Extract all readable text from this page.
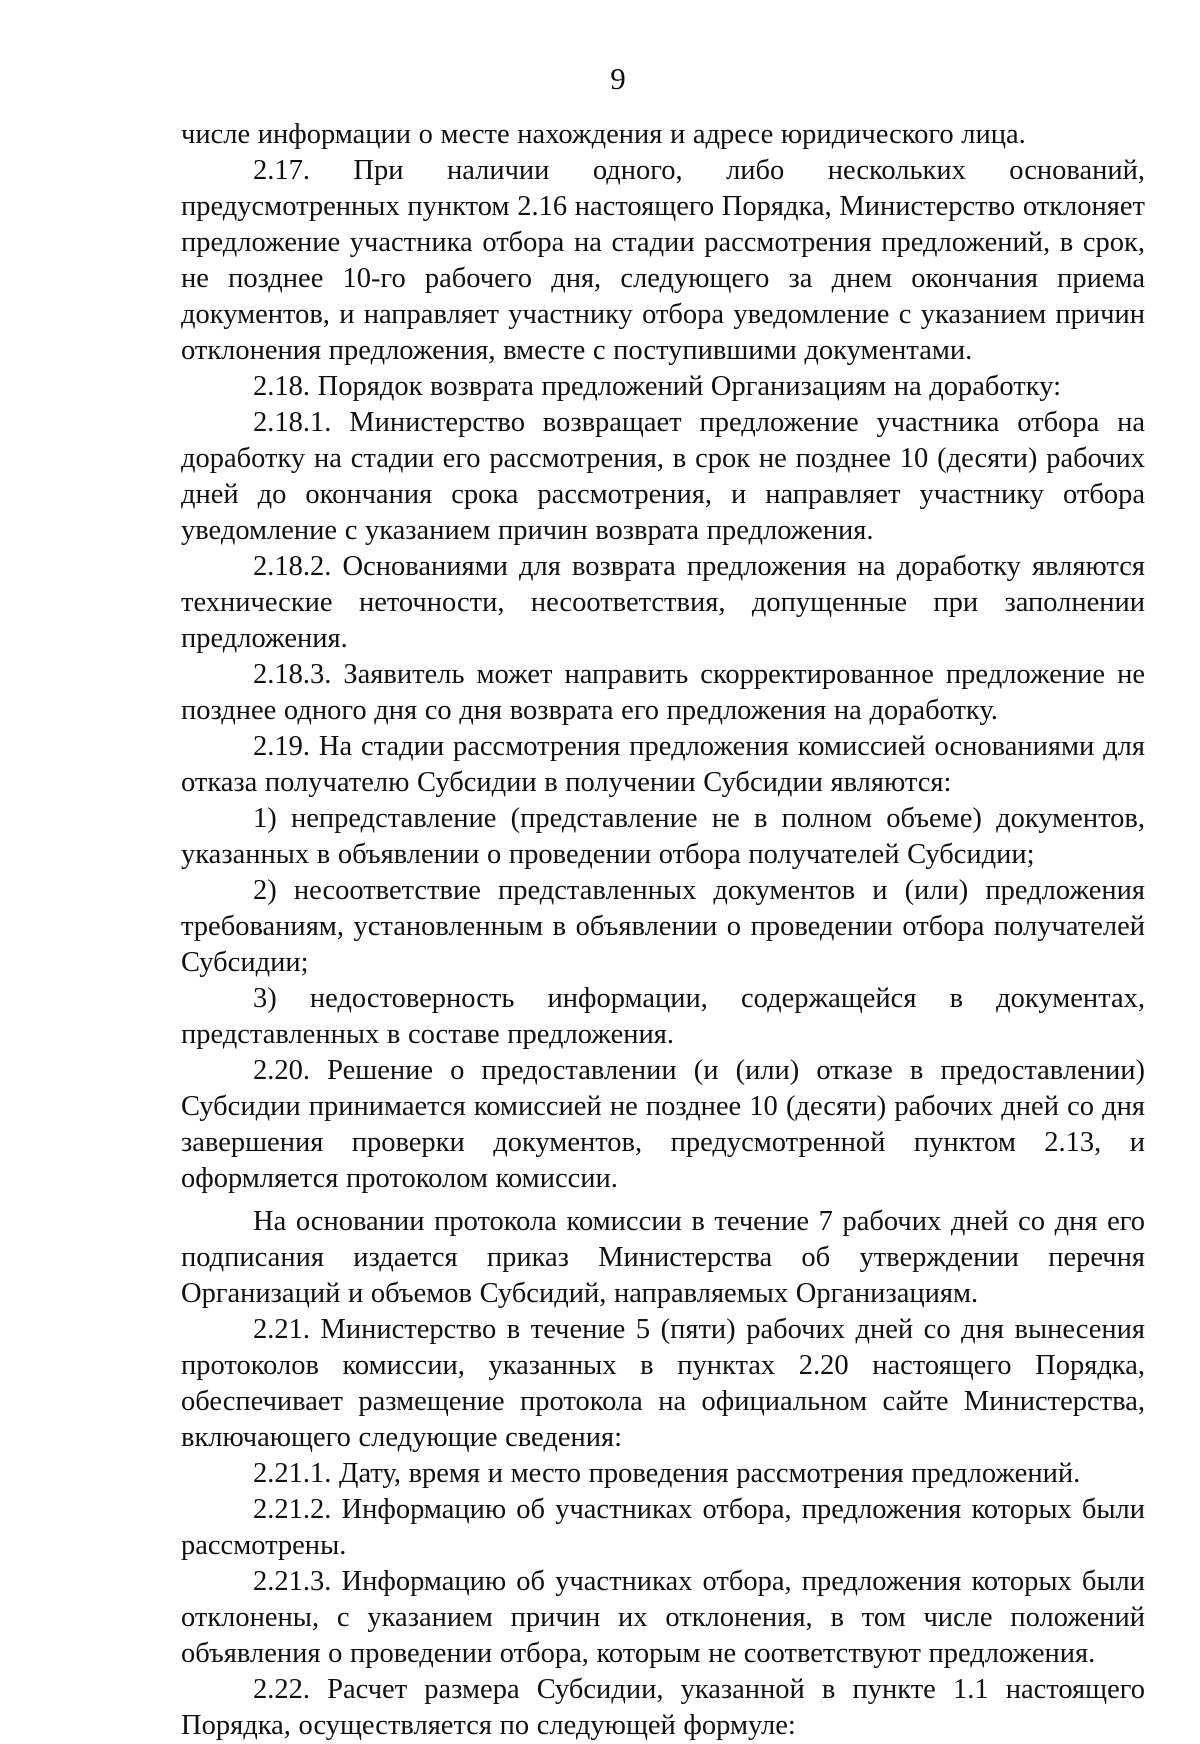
9

числе информации о месте нахождения и адресе юридического лица.

2.17. При наличии одного, либо нескольких оснований, предусмотренных пунктом 2.16 настоящего Порядка, Министерство отклоняет предложение участника отбора на стадии рассмотрения предложений, в срок, не позднее 10-го рабочего дня, следующего за днем окончания приема документов, и направляет участнику отбора уведомление с указанием причин отклонения предложения, вместе с поступившими документами.

2.18. Порядок возврата предложений Организациям на доработку:

2.18.1. Министерство возвращает предложение участника отбора на доработку на стадии его рассмотрения, в срок не позднее 10 (десяти) рабочих дней до окончания срока рассмотрения, и направляет участнику отбора уведомление с указанием причин возврата предложения.

2.18.2. Основаниями для возврата предложения на доработку являются технические неточности, несоответствия, допущенные при заполнении предложения.

2.18.3. Заявитель может направить скорректированное предложение не позднее одного дня со дня возврата его предложения на доработку.

2.19. На стадии рассмотрения предложения комиссией основаниями для отказа получателю Субсидии в получении Субсидии являются:

1) непредставление (представление не в полном объеме) документов, указанных в объявлении о проведении отбора получателей Субсидии;

2) несоответствие представленных документов и (или) предложения требованиям, установленным в объявлении о проведении отбора получателей Субсидии;

3) недостоверность информации, содержащейся в документах, представленных в составе предложения.

2.20. Решение о предоставлении (и (или) отказе в предоставлении) Субсидии принимается комиссией не позднее 10 (десяти) рабочих дней со дня завершения проверки документов, предусмотренной пунктом 2.13, и оформляется протоколом комиссии.

На основании протокола комиссии в течение 7 рабочих дней со дня его подписания издается приказ Министерства об утверждении перечня Организаций и объемов Субсидий, направляемых Организациям.

2.21. Министерство в течение 5 (пяти) рабочих дней со дня вынесения протоколов комиссии, указанных в пунктах 2.20 настоящего Порядка, обеспечивает размещение протокола на официальном сайте Министерства, включающего следующие сведения:

2.21.1. Дату, время и место проведения рассмотрения предложений.

2.21.2. Информацию об участниках отбора, предложения которых были рассмотрены.

2.21.3. Информацию об участниках отбора, предложения которых были отклонены, с указанием причин их отклонения, в том числе положений объявления о проведении отбора, которым не соответствуют предложения.

2.22. Расчет размера Субсидии, указанной в пункте 1.1 настоящего Порядка, осуществляется по следующей формуле:
